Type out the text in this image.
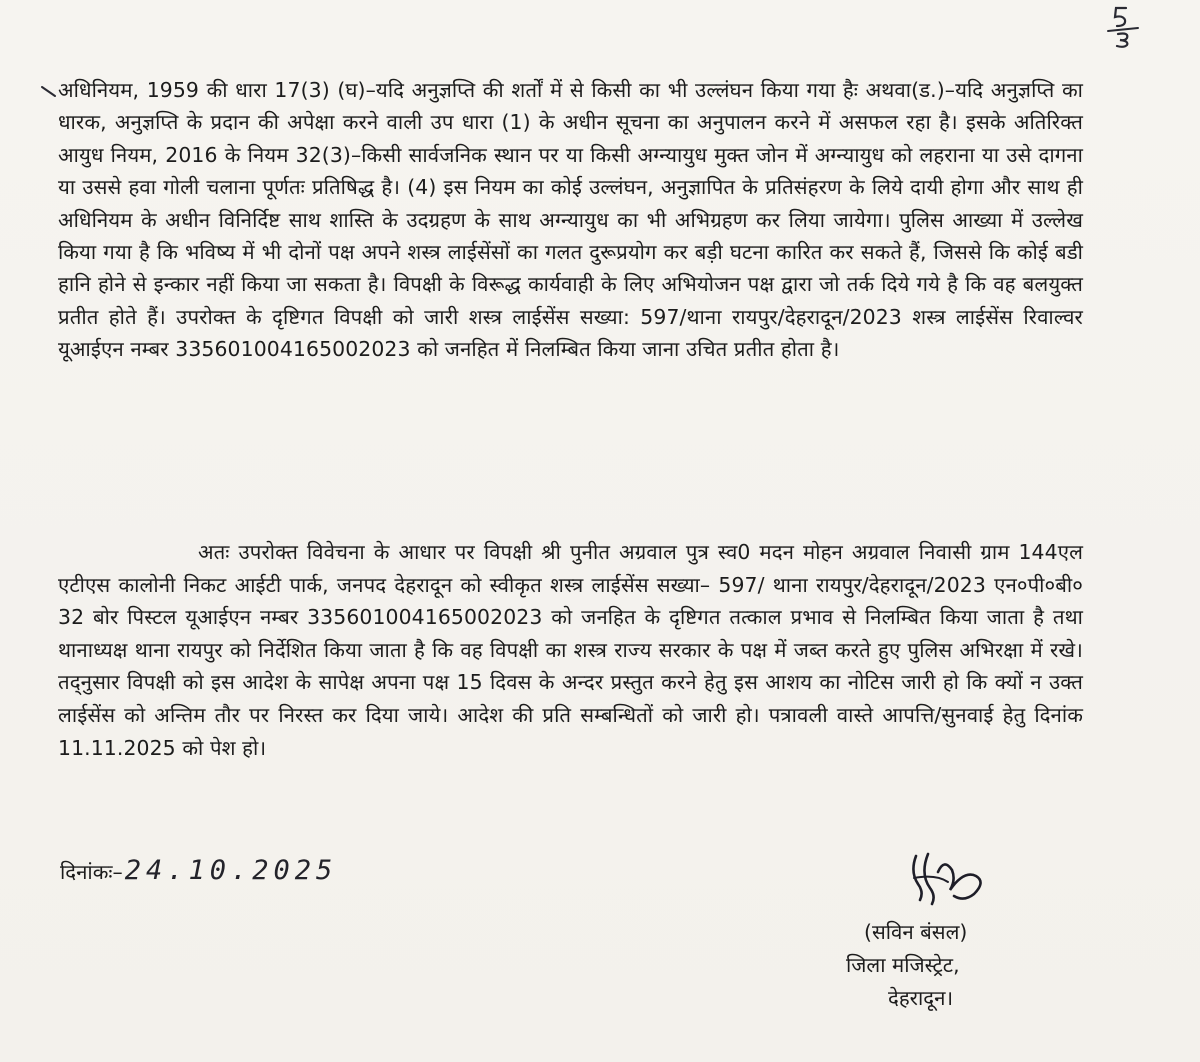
5/3

अधिनियम, 1959 की धारा 17(3) (घ)–यदि अनुज्ञप्ति की शर्तों में से किसी का भी उल्लंघन किया गया हैः अथवा(ड.)–यदि अनुज्ञप्ति का धारक, अनुज्ञप्ति के प्रदान की अपेक्षा करने वाली उप धारा (1) के अधीन सूचना का अनुपालन करने में असफल रहा है। इसके अतिरिक्त आयुध नियम, 2016 के नियम 32(3)–किसी सार्वजनिक स्थान पर या किसी अग्न्यायुध मुक्त जोन में अग्न्यायुध को लहराना या उसे दागना या उससे हवा गोली चलाना पूर्णतः प्रतिषिद्ध है। (4) इस नियम का कोई उल्लंघन, अनुज्ञापित के प्रतिसंहरण के लिये दायी होगा और साथ ही अधिनियम के अधीन विनिर्दिष्ट साथ शास्ति के उदग्रहण के साथ अग्न्यायुध का भी अभिग्रहण कर लिया जायेगा। पुलिस आख्या में उल्लेख किया गया है कि भविष्य में भी दोनों पक्ष अपने शस्त्र लाईसेंसों का गलत दुरूप्रयोग कर बड़ी घटना कारित कर सकते हैं, जिससे कि कोई बडी हानि होने से इन्कार नहीं किया जा सकता है। विपक्षी के विरूद्ध कार्यवाही के लिए अभियोजन पक्ष द्वारा जो तर्क दिये गये है कि वह बलयुक्त प्रतीत होते हैं। उपरोक्त के दृष्टिगत विपक्षी को जारी शस्त्र लाईसेंस सख्या: 597/थाना रायपुर/देहरादून/2023 शस्त्र लाईसेंस रिवाल्वर यूआईएन नम्बर 335601004165002023 को जनहित में निलम्बित किया जाना उचित प्रतीत होता है।

अतः उपरोक्त विवेचना के आधार पर विपक्षी श्री पुनीत अग्रवाल पुत्र स्व0 मदन मोहन अग्रवाल निवासी ग्राम 144एल एटीएस कालोनी निकट आईटी पार्क, जनपद देहरादून को स्वीकृत शस्त्र लाईसेंस सख्या– 597/ थाना रायपुर/देहरादून/2023 एन०पी०बी० 32 बोर पिस्टल यूआईएन नम्बर 335601004165002023 को जनहित के दृष्टिगत तत्काल प्रभाव से निलम्बित किया जाता है तथा थानाध्यक्ष थाना रायपुर को निर्देशित किया जाता है कि वह विपक्षी का शस्त्र राज्य सरकार के पक्ष में जब्त करते हुए पुलिस अभिरक्षा में रखे। तद्नुसार विपक्षी को इस आदेश के सापेक्ष अपना पक्ष 15 दिवस के अन्दर प्रस्तुत करने हेतु इस आशय का नोटिस जारी हो कि क्यों न उक्त लाईसेंस को अन्तिम तौर पर निरस्त कर दिया जाये। आदेश की प्रति सम्बन्धितों को जारी हो। पत्रावली वास्ते आपत्ति/सुनवाई हेतु दिनांक 11.11.2025 को पेश हो।

दिनांकः– 24.10.2025
(सविन बंसल)
जिला मजिस्ट्रेट,
देहरादून।
